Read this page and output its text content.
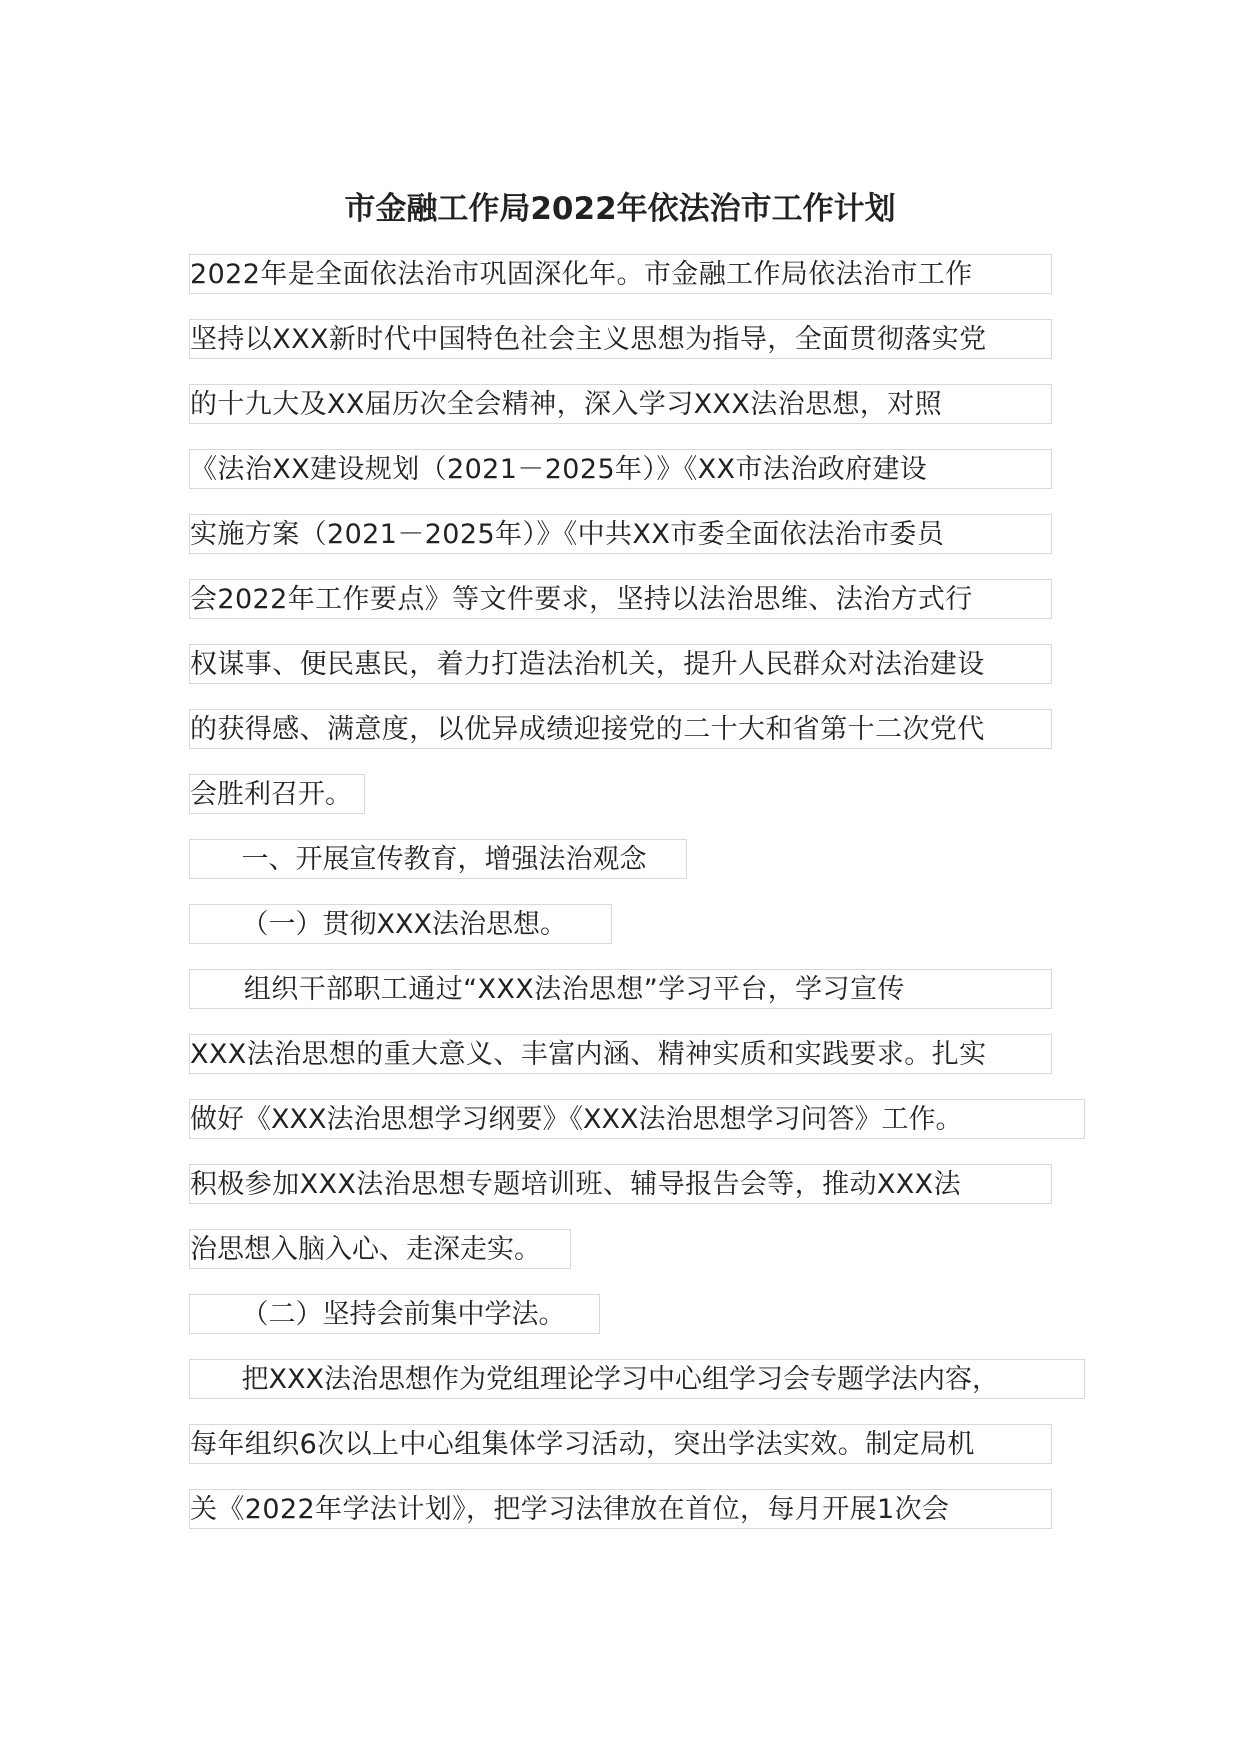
市金融工作局2022年依法治市工作计划
2022年是全面依法治市巩固深化年。市金融工作局依法治市工作
坚持以XXX新时代中国特色社会主义思想为指导，全面贯彻落实党
的十九大及XX届历次全会精神，深入学习XXX法治思想，对照
《法治XX建设规划（2021－2025年）》《XX市法治政府建设
实施方案（2021－2025年）》《中共XX市委全面依法治市委员
会2022年工作要点》等文件要求，坚持以法治思维、法治方式行
权谋事、便民惠民，着力打造法治机关，提升人民群众对法治建设
的获得感、满意度，以优异成绩迎接党的二十大和省第十二次党代
会胜利召开。
一、开展宣传教育，增强法治观念
（一）贯彻XXX法治思想。
组织干部职工通过“XXX法治思想”学习平台，学习宣传
XXX法治思想的重大意义、丰富内涵、精神实质和实践要求。扎实
做好《XXX法治思想学习纲要》《XXX法治思想学习问答》工作。
积极参加XXX法治思想专题培训班、辅导报告会等，推动XXX法
治思想入脑入心、走深走实。
（二）坚持会前集中学法。
把XXX法治思想作为党组理论学习中心组学习会专题学法内容，
每年组织6次以上中心组集体学习活动，突出学法实效。制定局机
关《2022年学法计划》，把学习法律放在首位，每月开展1次会
